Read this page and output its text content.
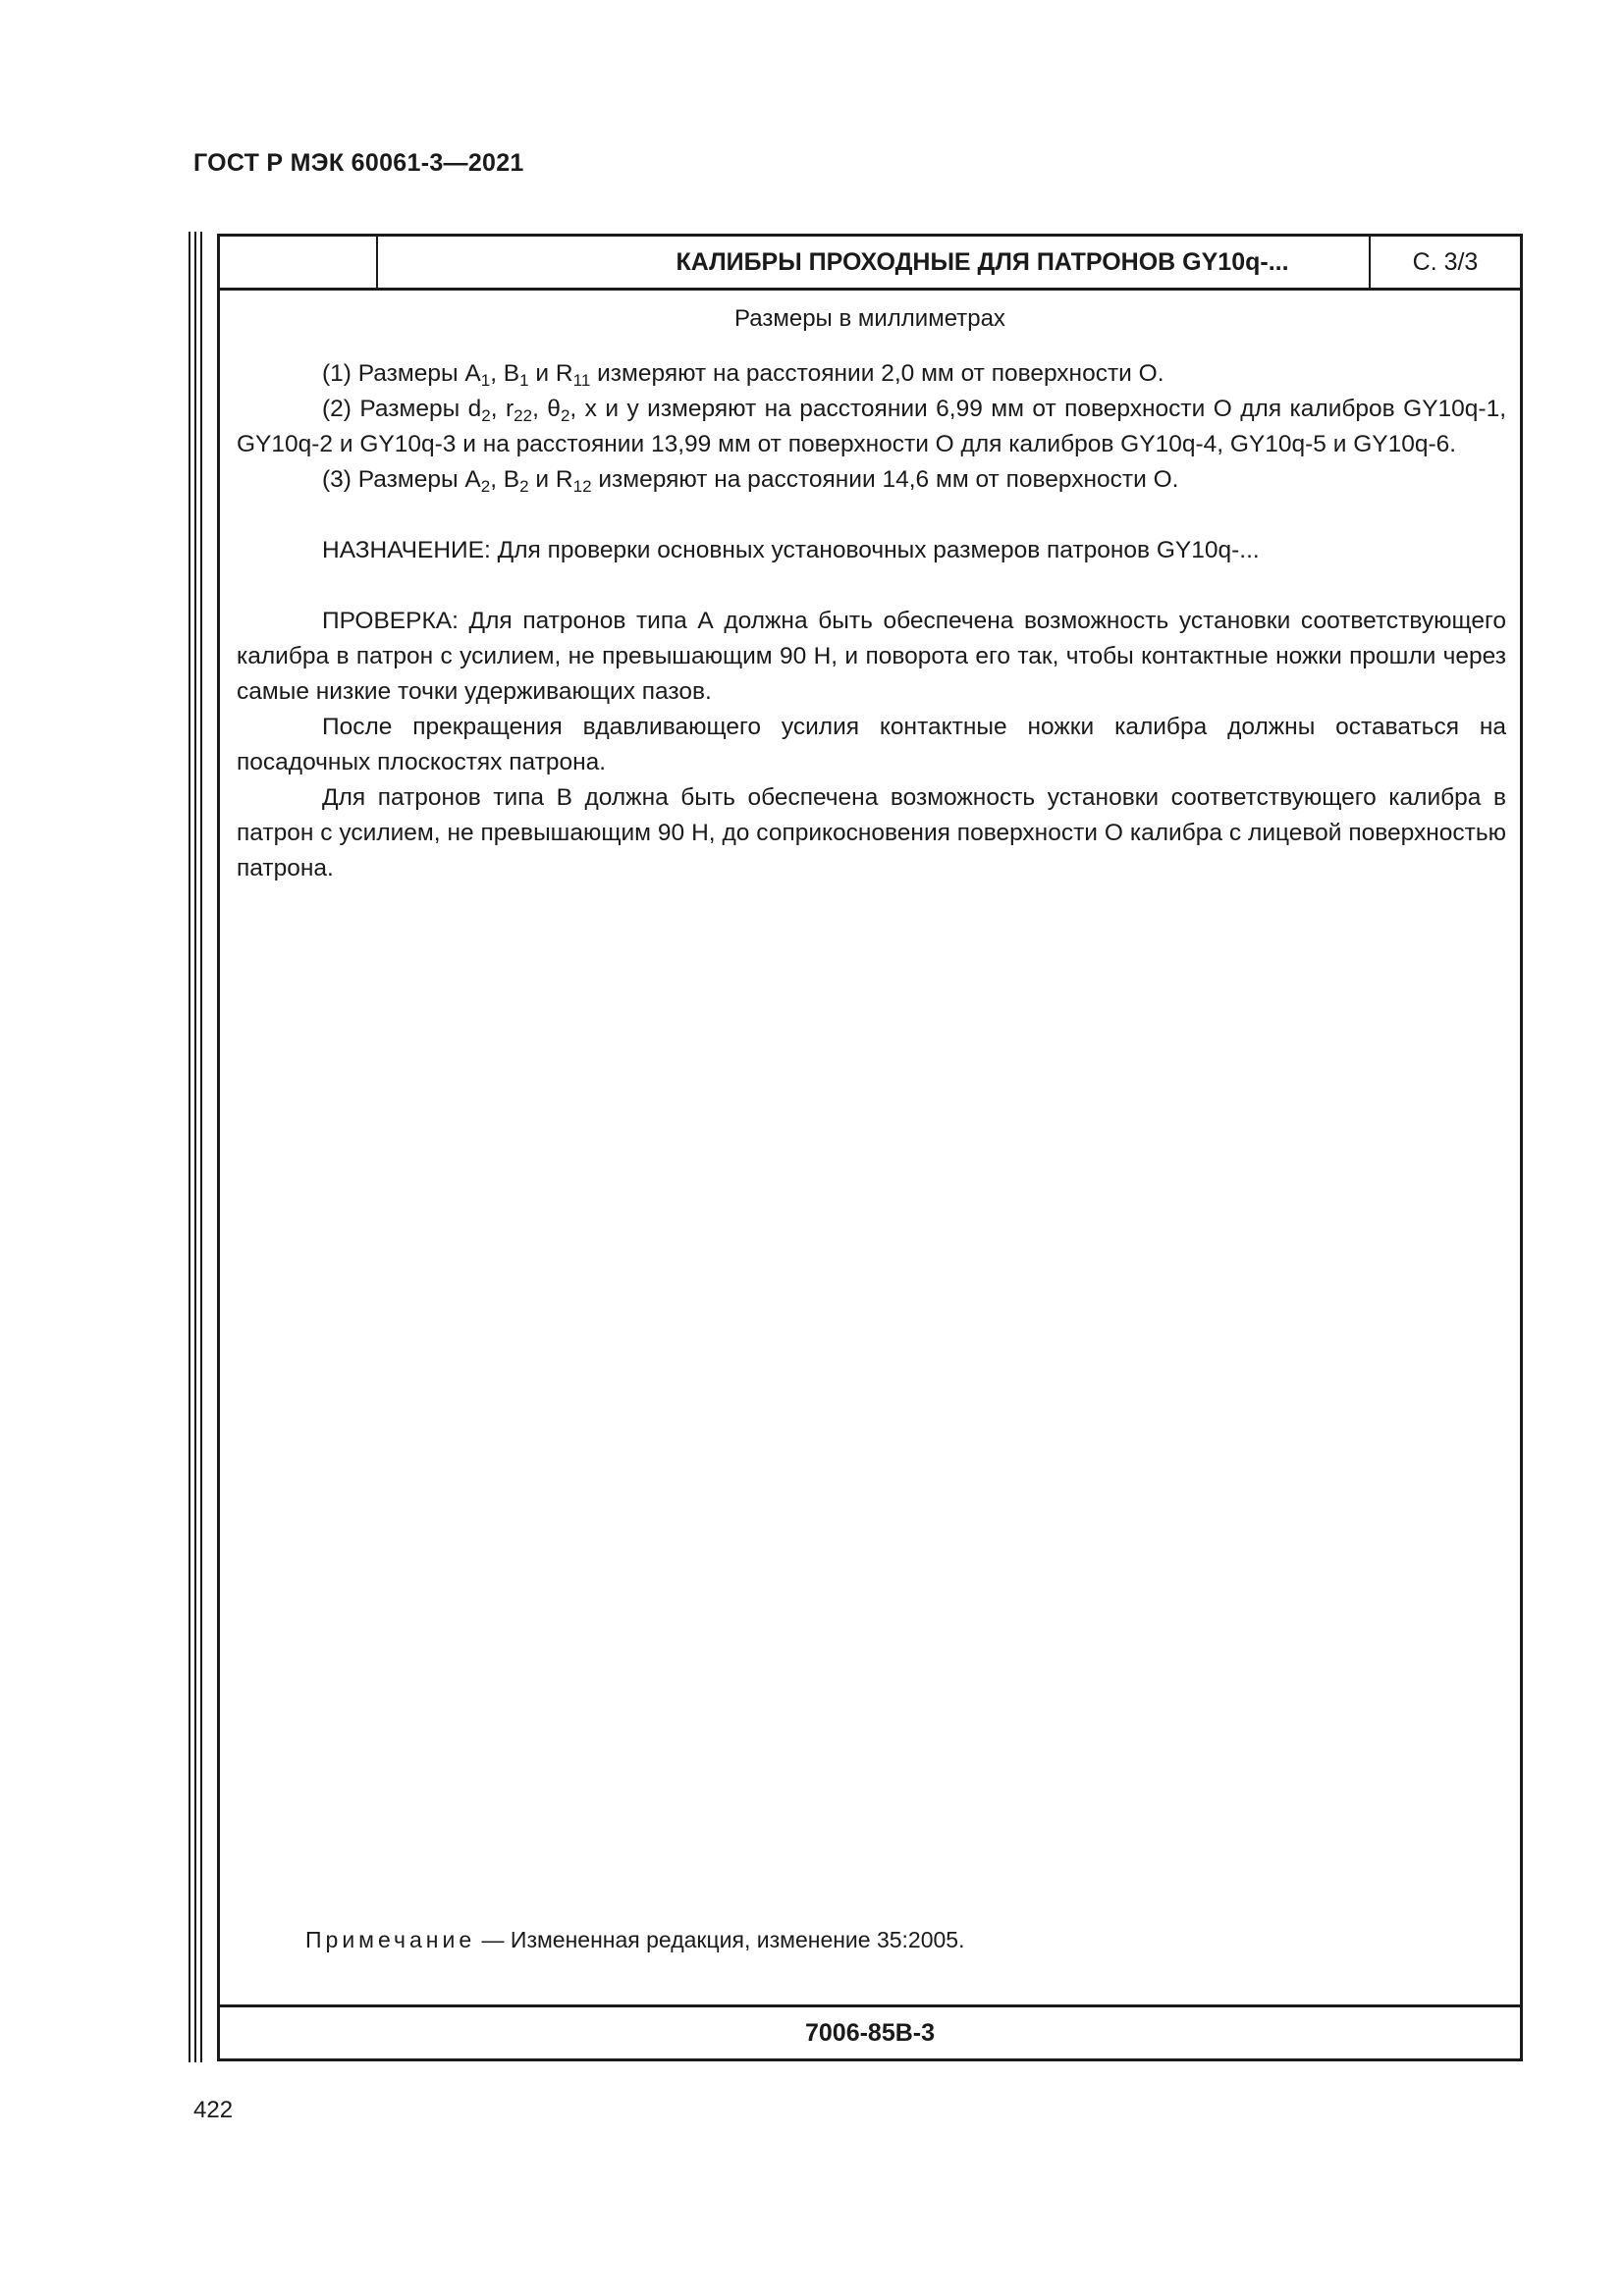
ГОСТ Р МЭК 60061-3—2021
КАЛИБРЫ ПРОХОДНЫЕ ДЛЯ ПАТРОНОВ GY10q-...	С. 3/3
Размеры в миллиметрах

(1) Размеры $A_1$, $B_1$ и $R_{11}$ измеряют на расстоянии 2,0 мм от поверхности O.

(2) Размеры $d_2$, $r_{22}$, $\theta_2$, x и y измеряют на расстоянии 6,99 мм от поверхности O для калибров GY10q-1, GY10q-2 и GY10q-3 и на расстоянии 13,99 мм от поверхности O для калибров GY10q-4, GY10q-5 и GY10q-6.

(3) Размеры $A_2$, $B_2$ и $R_{12}$ измеряют на расстоянии 14,6 мм от поверхности O.

НАЗНАЧЕНИЕ: Для проверки основных установочных размеров патронов GY10q-...

ПРОВЕРКА: Для патронов типа А должна быть обеспечена возможность установки соответствующего калибра в патрон с усилием, не превышающим 90 Н, и поворота его так, чтобы контактные ножки прошли через самые низкие точки удерживающих пазов.

После прекращения вдавливающего усилия контактные ножки калибра должны оставаться на посадочных плоскостях патрона.

Для патронов типа В должна быть обеспечена возможность установки соответствующего калибра в патрон с усилием, не превышающим 90 Н, до соприкосновения поверхности O калибра с лицевой поверхностью патрона.

Примечание — Измененная редакция, изменение 35:2005.
7006-85B-3
422
